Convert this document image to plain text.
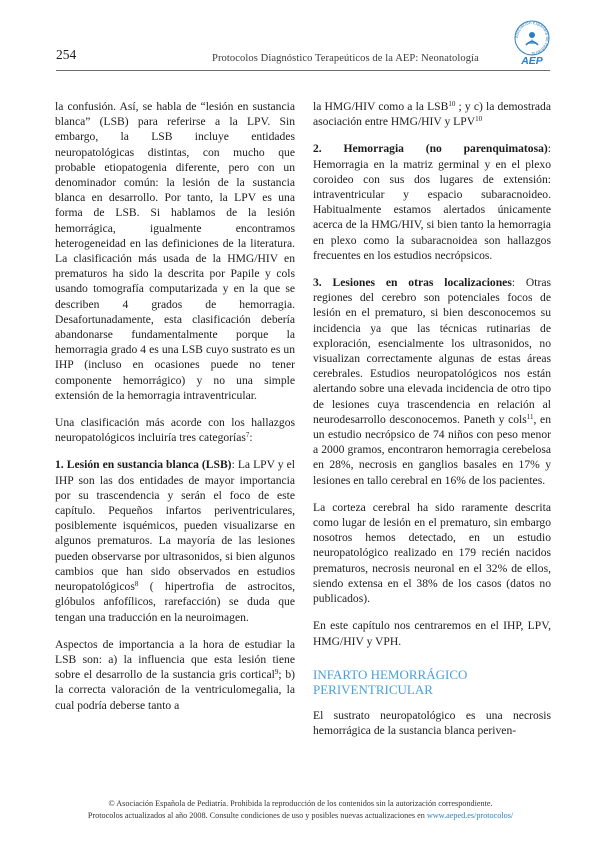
254	Protocolos Diagnóstico Terapeúticos de la AEP: Neonatología
Asociación Española de Pediatría
AEP

la confusión. Así, se habla de “lesión en sustancia blanca” (LSB) para referirse a la LPV. Sin embargo, la LSB incluye entidades neuropatológicas distintas, con mucho que probable etiopatogenia diferente, pero con un denominador común: la lesión de la sustancia blanca en desarrollo. Por tanto, la LPV es una forma de LSB. Si hablamos de la lesión hemorrágica, igualmente encontramos heterogeneidad en las definiciones de la literatura. La clasificación más usada de la HMG/HIV en prematuros ha sido la descrita por Papile y cols usando tomografía computarizada y en la que se describen 4 grados de hemorragia. Desafortunadamente, esta clasificación debería abandonarse fundamentalmente porque la hemorragia grado 4 es una LSB cuyo sustrato es un IHP (incluso en ocasiones puede no tener componente hemorrágico) y no una simple extensión de la hemorragia intraventricular.

Una clasificación más acorde con los hallazgos neuropatológicos incluiría tres categorías$^7$:

1. Lesión en sustancia blanca (LSB): La LPV y el IHP son las dos entidades de mayor importancia por su trascendencia y serán el foco de este capítulo. Pequeños infartos periventriculares, posiblemente isquémicos, pueden visualizarse en algunos prematuros. La mayoría de las lesiones pueden observarse por ultrasonidos, si bien algunos cambios que han sido observados en estudios neuropatológicos$^8$ ( hipertrofia de astrocitos, glóbulos anfofílicos, rarefacción) se duda que tengan una traducción en la neuroimagen.

Aspectos de importancia a la hora de estudiar la LSB son: a) la influencia que esta lesión tiene sobre el desarrollo de la sustancia gris cortical$^9$; b) la correcta valoración de la ventriculomegalia, la cual podría deberse tanto a

la HMG/HIV como a la LSB$^{10}$ ; y c) la demostrada asociación entre HMG/HIV y LPV$^{10}$

2. Hemorragia (no parenquimatosa): Hemorragia en la matriz germinal y en el plexo coroideo con sus dos lugares de extensión: intraventricular y espacio subaracnoideo. Habitualmente estamos alertados únicamente acerca de la HMG/HIV, si bien tanto la hemorragia en plexo como la subaracnoidea son hallazgos frecuentes en los estudios necrópsicos.

3. Lesiones en otras localizaciones: Otras regiones del cerebro son potenciales focos de lesión en el prematuro, si bien desconocemos su incidencia ya que las técnicas rutinarias de exploración, esencialmente los ultrasonidos, no visualizan correctamente algunas de estas áreas cerebrales. Estudios neuropatológicos nos están alertando sobre una elevada incidencia de otro tipo de lesiones cuya trascendencia en relación al neurodesarrollo desconocemos. Paneth y cols$^{11}$, en un estudio necrópsico de 74 niños con peso menor a 2000 gramos, encontraron hemorragia cerebelosa en 28%, necrosis en ganglios basales en 17% y lesiones en tallo cerebral en 16% de los pacientes.

La corteza cerebral ha sido raramente descrita como lugar de lesión en el prematuro, sin embargo nosotros hemos detectado, en un estudio neuropatológico realizado en 179 recién nacidos prematuros, necrosis neuronal en el 32% de ellos, siendo extensa en el 38% de los casos (datos no publicados).

En este capítulo nos centraremos en el IHP, LPV, HMG/HIV y VPH.

INFARTO HEMORRÁGICO
PERIVENTRICULAR

El sustrato neuropatológico es una necrosis hemorrágica de la sustancia blanca periven-

© Asociación Española de Pediatría. Prohibida la reproducción de los contenidos sin la autorización correspondiente.
Protocolos actualizados al año 2008. Consulte condiciones de uso y posibles nuevas actualizaciones en www.aeped.es/protocolos/
